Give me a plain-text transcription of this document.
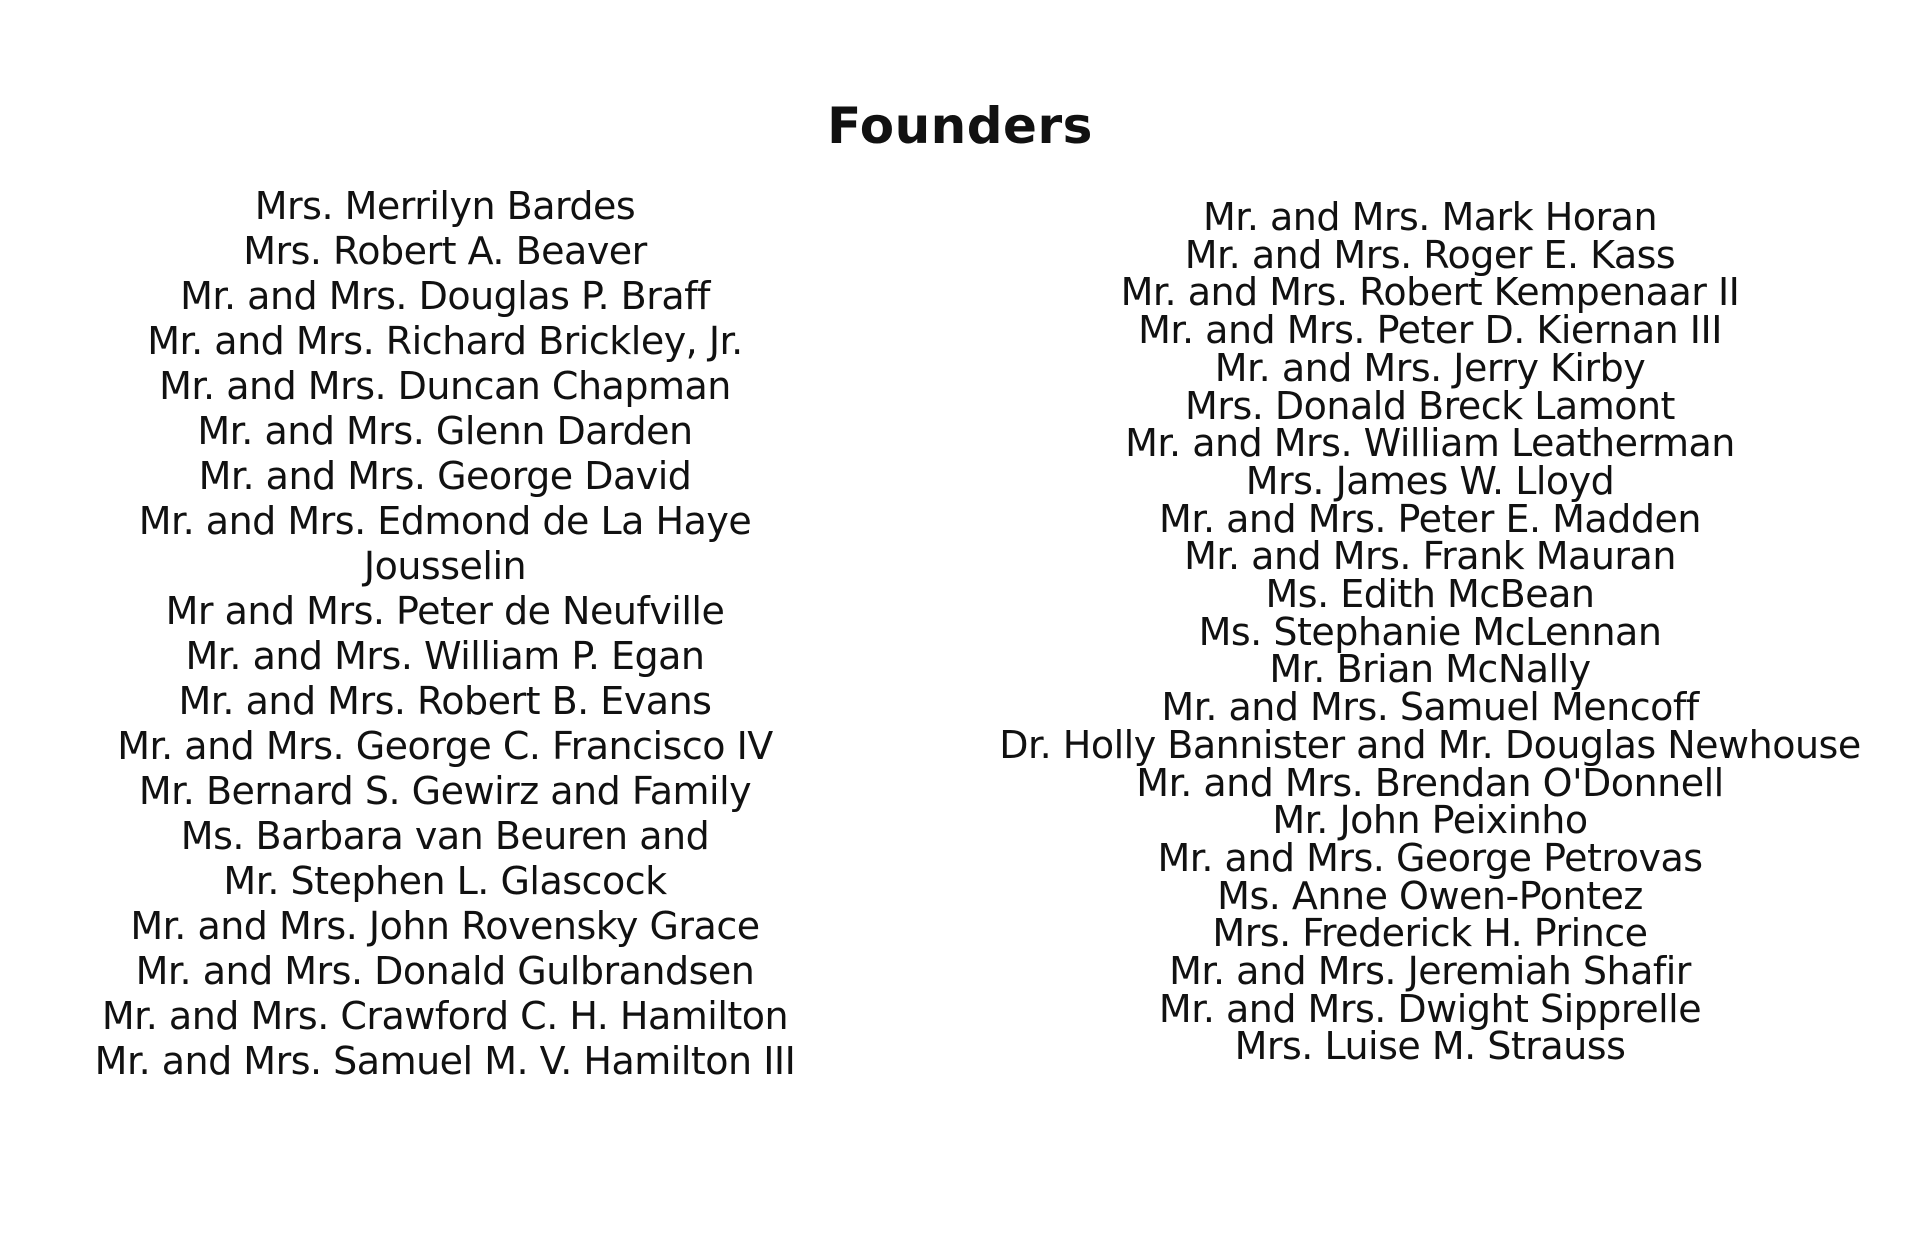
Founders
Mrs. Merrilyn Bardes
Mrs. Robert A. Beaver
Mr. and Mrs. Douglas P. Braff
Mr. and Mrs. Richard Brickley, Jr.
Mr. and Mrs. Duncan Chapman
Mr. and Mrs. Glenn Darden
Mr. and Mrs. George David
Mr. and Mrs. Edmond de La Haye
Jousselin
Mr and Mrs. Peter de Neufville
Mr. and Mrs. William P. Egan
Mr. and Mrs. Robert B. Evans
Mr. and Mrs. George C. Francisco IV
Mr. Bernard S. Gewirz and Family
Ms. Barbara van Beuren and
Mr. Stephen L. Glascock
Mr. and Mrs. John Rovensky Grace
Mr. and Mrs. Donald Gulbrandsen
Mr. and Mrs. Crawford C. H. Hamilton
Mr. and Mrs. Samuel M. V. Hamilton III
Mr. and Mrs. Mark Horan
Mr. and Mrs. Roger E. Kass
Mr. and Mrs. Robert Kempenaar II
Mr. and Mrs. Peter D. Kiernan III
Mr. and Mrs. Jerry Kirby
Mrs. Donald Breck Lamont
Mr. and Mrs. William Leatherman
Mrs. James W. Lloyd
Mr. and Mrs. Peter E. Madden
Mr. and Mrs. Frank Mauran
Ms. Edith McBean
Ms. Stephanie McLennan
Mr. Brian McNally
Mr. and Mrs. Samuel Mencoff
Dr. Holly Bannister and Mr. Douglas Newhouse
Mr. and Mrs. Brendan O'Donnell
Mr. John Peixinho
Mr. and Mrs. George Petrovas
Ms. Anne Owen-Pontez
Mrs. Frederick H. Prince
Mr. and Mrs. Jeremiah Shafir
Mr. and Mrs. Dwight Sipprelle
Mrs. Luise M. Strauss
